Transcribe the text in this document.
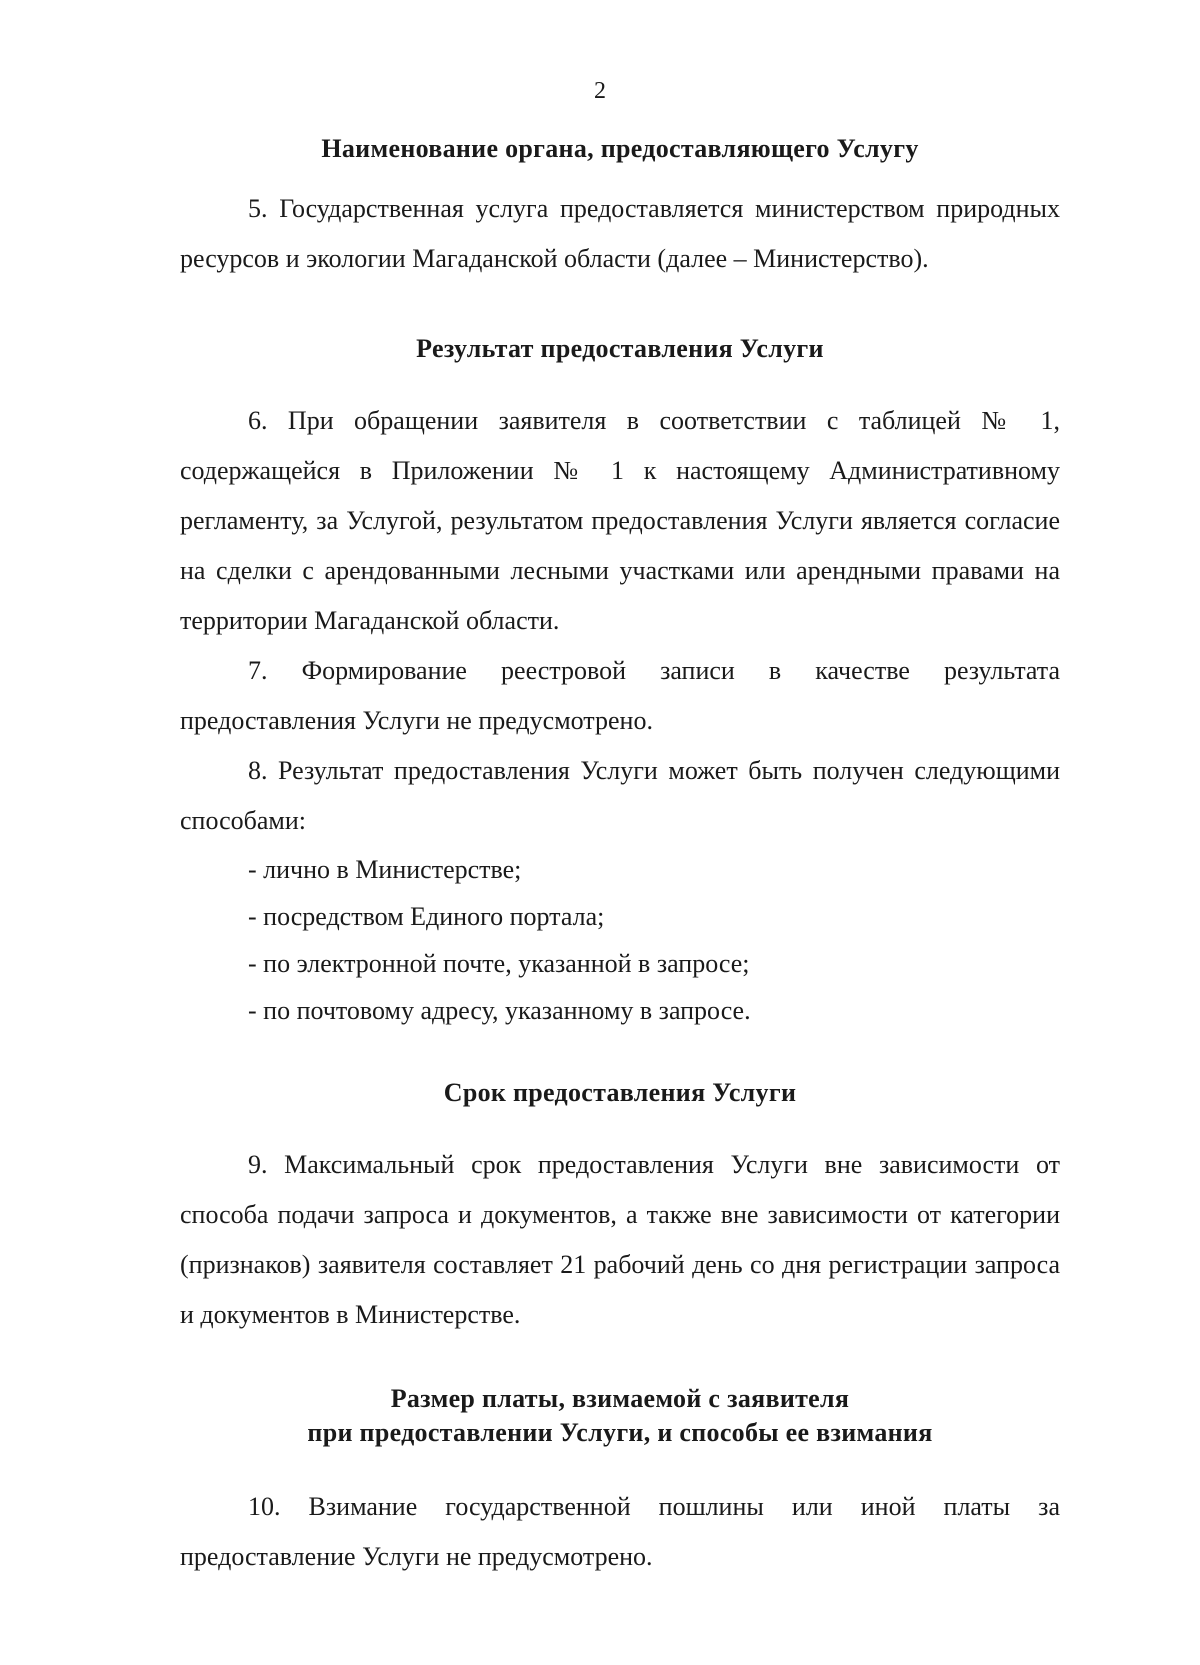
2
Наименование органа, предоставляющего Услугу

5. Государственная услуга предоставляется министерством природных ресурсов и экологии Магаданской области (далее – Министерство).

Результат предоставления Услуги

6. При обращении заявителя в соответствии с таблицей № 1, содержащейся в Приложении № 1 к настоящему Административному регламенту, за Услугой, результатом предоставления Услуги является согласие на сделки с арендованными лесными участками или арендными правами на территории Магаданской области.

7. Формирование реестровой записи в качестве результата предоставления Услуги не предусмотрено.

8. Результат предоставления Услуги может быть получен следующими способами:

- лично в Министерстве;
- посредством Единого портала;
- по электронной почте, указанной в запросе;
- по почтовому адресу, указанному в запросе.
Срок предоставления Услуги

9. Максимальный срок предоставления Услуги вне зависимости от способа подачи запроса и документов, а также вне зависимости от категории (признаков) заявителя составляет 21 рабочий день со дня регистрации запроса и документов в Министерстве.

Размер платы, взимаемой с заявителя
при предоставлении Услуги, и способы ее взимания

10. Взимание государственной пошлины или иной платы за предоставление Услуги не предусмотрено.
